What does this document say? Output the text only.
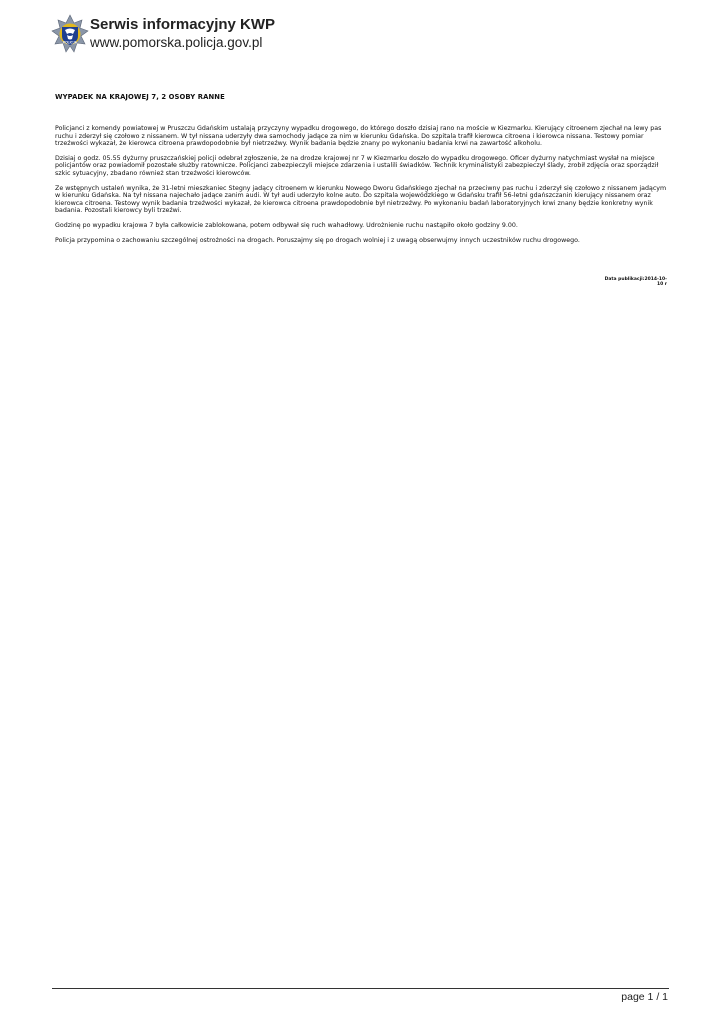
POLICJA
Serwis informacyjny KWP
www.pomorska.policja.gov.pl
WYPADEK NA KRAJOWEJ 7, 2 OSOBY RANNE

Policjanci z komendy powiatowej w Pruszczu Gdańskim ustalają przyczyny wypadku drogowego, do którego doszło dzisiaj rano na moście w Kiezmarku. Kierujący citroenem zjechał na lewy pas ruchu i zderzył się czołowo z nissanem. W tył nissana uderzyły dwa samochody jadące za nim w kierunku Gdańska. Do szpitala trafił kierowca citroena i kierowca nissana. Testowy pomiar trzeźwości wykazał, że kierowca citroena prawdopodobnie był nietrzeźwy. Wynik badania będzie znany po wykonaniu badania krwi na zawartość alkoholu.

Dzisiaj o godz. 05.55 dyżurny pruszczańskiej policji odebrał zgłoszenie, że na drodze krajowej nr 7 w Kiezmarku doszło do wypadku drogowego. Oficer dyżurny natychmiast wysłał na miejsce policjantów oraz powiadomił pozostałe służby ratownicze. Policjanci zabezpieczyli miejsce zdarzenia i ustalili świadków. Technik kryminalistyki zabezpieczył ślady, zrobił zdjęcia oraz sporządził szkic sytuacyjny, zbadano również stan trzeźwości kierowców.

Ze wstępnych ustaleń wynika, że 31-letni mieszkaniec Stegny jadący citroenem w kierunku Nowego Dworu Gdańskiego zjechał na przeciwny pas ruchu i zderzył się czołowo z nissanem jadącym w kierunku Gdańska. Na tył nissana najechało jadące zanim audi. W tył audi uderzyło kolne auto. Do szpitala wojewódzkiego w Gdańsku trafił 56-letni gdańszczanin kierujący nissanem oraz kierowca citroena. Testowy wynik badania trzeźwości wykazał, że kierowca citroena prawdopodobnie był nietrzeźwy. Po wykonaniu badań laboratoryjnych krwi znany będzie konkretny wynik badania. Pozostali kierowcy byli trzeźwi.

Godzinę po wypadku krajowa 7 była całkowicie zablokowana, potem odbywał się ruch wahadłowy. Udrożnienie ruchu nastąpiło około godziny 9.00.

Policja przypomina o zachowaniu szczególnej ostrożności na drogach. Poruszajmy się po drogach wolniej i z uwagą obserwujmy innych uczestników ruchu drogowego.

Data publikacji:2014-10-10 r
page 1 / 1
